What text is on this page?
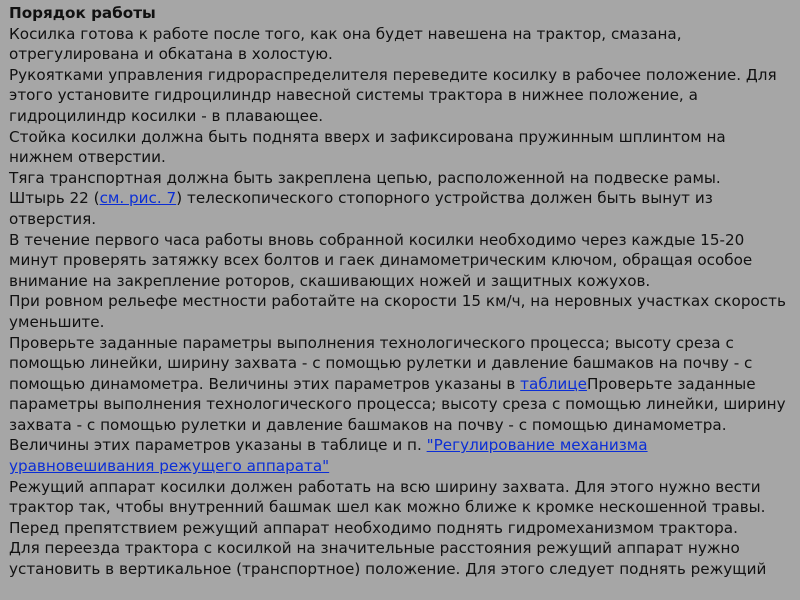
Порядок работы

Косилка готова к работе после того, как она будет навешена на трактор, смазана, отрегулирована и обкатана в холостую.

Рукоятками управления гидрораспределителя переведите косилку в рабочее положение. Для этого установите гидроцилиндр навесной системы трактора в нижнее положение, а гидроцилиндр косилки - в плавающее.

Стойка косилки должна быть поднята вверх и зафиксирована пружинным шплинтом на нижнем отверстии.

Тяга транспортная должна быть закреплена цепью, расположенной на подвеске рамы.

Штырь 22 (см. рис. 7) телескопического стопорного устройства должен быть вынут из отверстия.

В течение первого часа работы вновь собранной косилки необходимо через каждые 15-20 минут проверять затяжку всех болтов и гаек динамометрическим ключом, обращая особое внимание на закрепление роторов, скашивающих ножей и защитных кожухов.

При ровном рельефе местности работайте на скорости 15 км/ч, на неровных участках скорость уменьшите.

Проверьте заданные параметры выполнения технологического процесса; высоту среза с помощью линейки, ширину захвата - с помощью рулетки и давление башмаков на почву - с помощью динамометра. Величины этих параметров указаны в таблицеПроверьте заданные параметры выполнения технологического процесса; высоту среза с помощью линейки, ширину захвата - с помощью рулетки и давление башмаков на почву - с помощью динамометра. Величины этих параметров указаны в таблице и п. "Регулирование механизма уравновешивания режущего аппарата"

Режущий аппарат косилки должен работать на всю ширину захвата. Для этого нужно вести трактор так, чтобы внутренний башмак шел как можно ближе к кромке нескошенной травы.

Перед препятствием режущий аппарат необходимо поднять гидромеханизмом трактора.

Для переезда трактора с косилкой на значительные расстояния режущий аппарат нужно установить в вертикальное (транспортное) положение. Для этого следует поднять режущий
